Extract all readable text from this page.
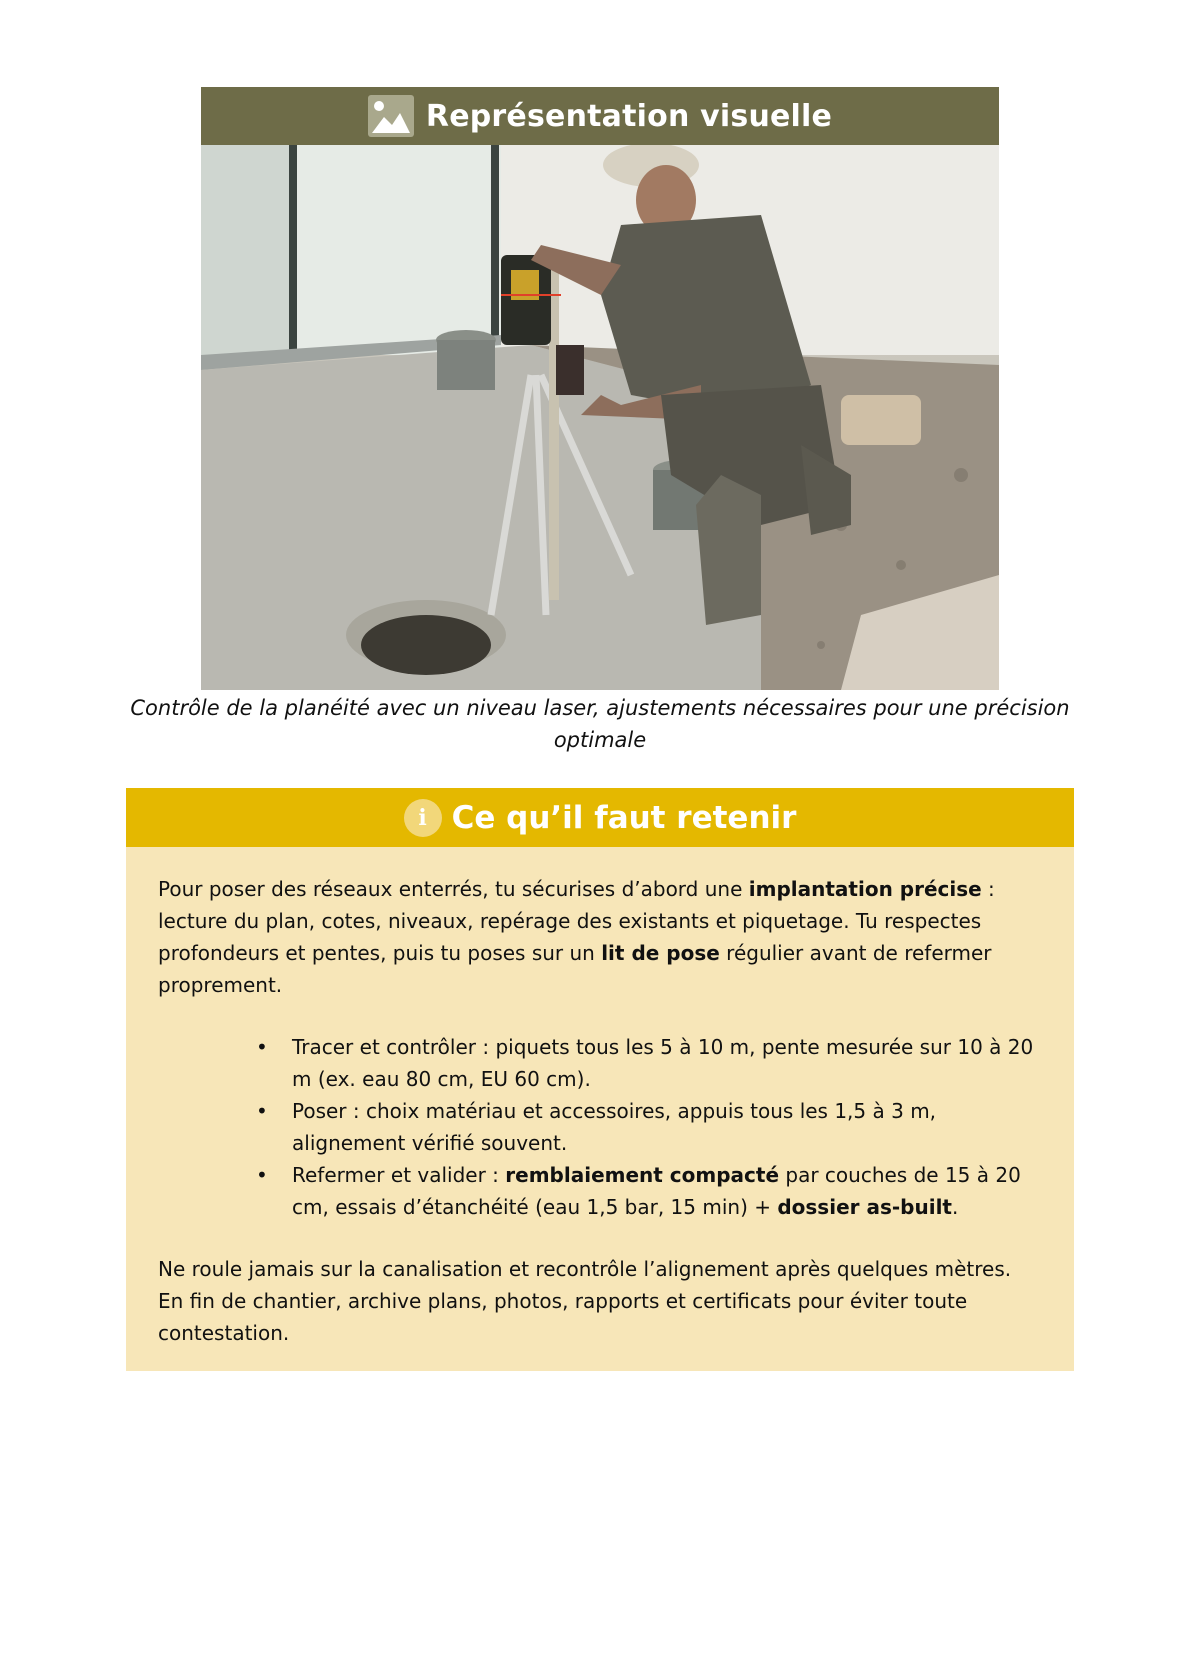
Représentation visuelle
Contrôle de la planéité avec un niveau laser, ajustements nécessaires pour une précision
optimale
i Ce qu’il faut retenir

Pour poser des réseaux enterrés, tu sécurises d’abord une implantation précise : lecture du plan, cotes, niveaux, repérage des existants et piquetage. Tu respectes profondeurs et pentes, puis tu poses sur un lit de pose régulier avant de refermer proprement.

• Tracer et contrôler : piquets tous les 5 à 10 m, pente mesurée sur 10 à 20 m (ex. eau 80 cm, EU 60 cm).
• Poser : choix matériau et accessoires, appuis tous les 1,5 à 3 m, alignement vérifié souvent.
• Refermer et valider : remblaiement compacté par couches de 15 à 20 cm, essais d’étanchéité (eau 1,5 bar, 15 min) + dossier as-built.

Ne roule jamais sur la canalisation et recontrôle l’alignement après quelques mètres. En fin de chantier, archive plans, photos, rapports et certificats pour éviter toute contestation.
